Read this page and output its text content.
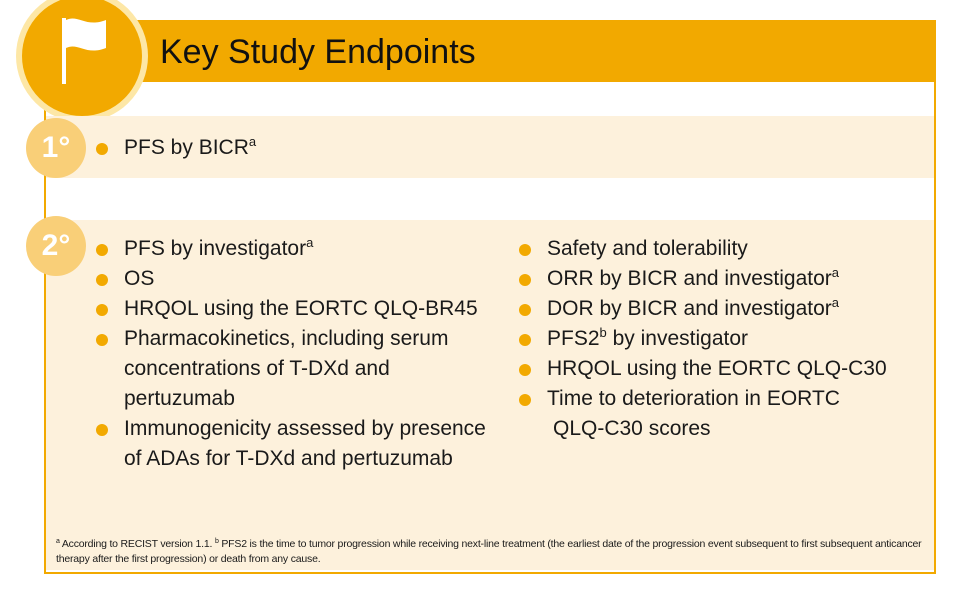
Key Study Endpoints
1°
2°
PFS by BICR$^a$
PFS by investigator$^a$
OS
HRQOL using the EORTC QLQ-BR45
Pharmacokinetics, including serum concentrations of T-DXd and pertuzumab
Immunogenicity assessed by presence of ADAs for T-DXd and pertuzumab
Safety and tolerability
ORR by BICR and investigator$^a$
DOR by BICR and investigator$^a$
PFS2$^b$ by investigator
HRQOL using the EORTC QLQ-C30
Time to deterioration in EORTC
QLQ-C30 scores
$^a$ According to RECIST version 1.1. $^b$ PFS2 is the time to tumor progression while receiving next-line treatment (the earliest date of the progression event subsequent to first subsequent anticancer therapy after the first progression) or death from any cause.
